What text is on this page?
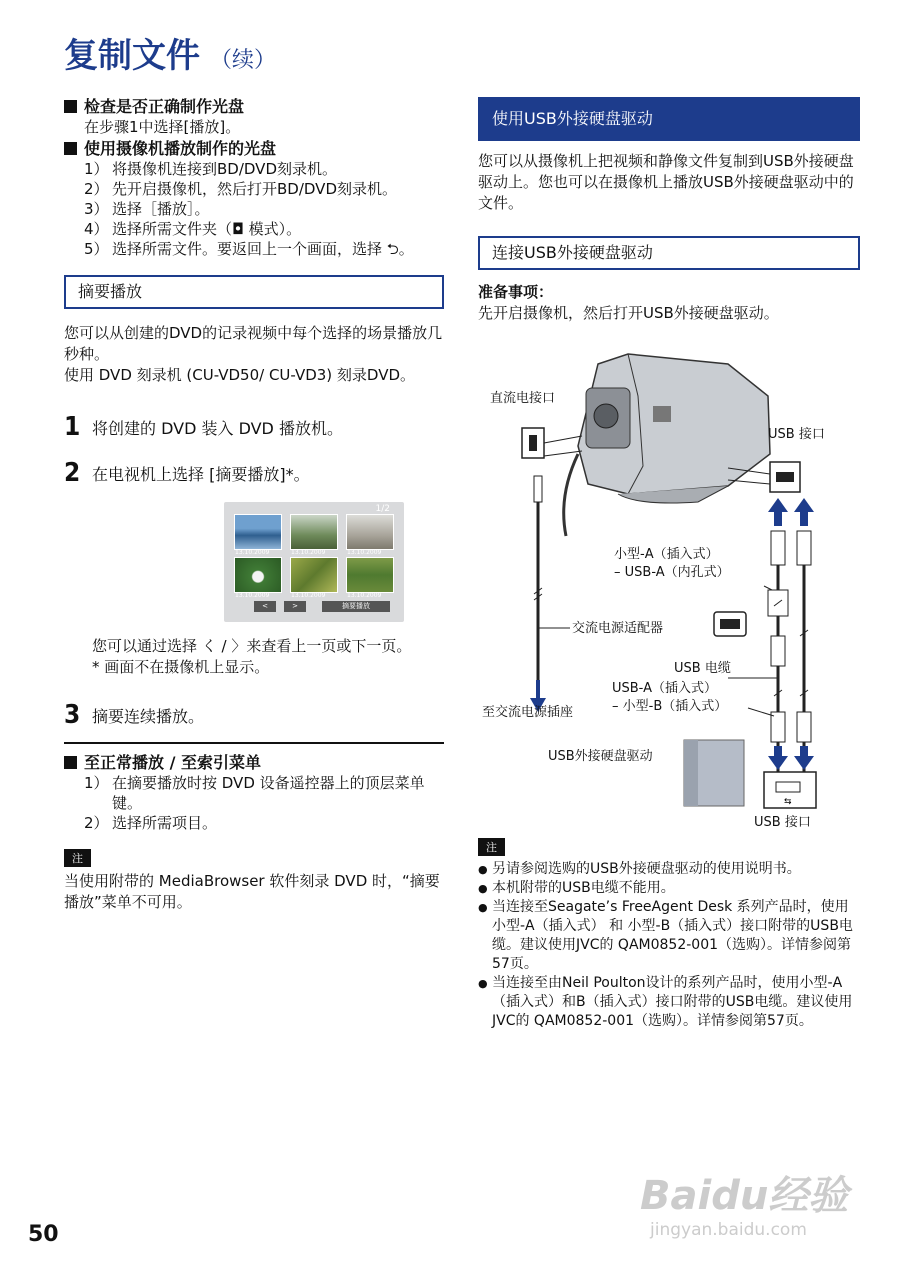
复制文件 （续）
检查是否正确制作光盘
在步骤1中选择[播放]。
使用摄像机播放制作的光盘
1） 将摄像机连接到BD/DVD刻录机。
2） 先开启摄像机，然后打开BD/DVD刻录机。
3） 选择［播放］。
4） 选择所需文件夹（◘ 模式）。
5） 选择所需文件。要返回上一个画面，选择 ⮌。
摘要播放
您可以从创建的DVD的记录视频中每个选择的场景播放几秒种。
使用 DVD 刻录机 (CU-VD50/ CU-VD3) 刻录DVD。
1 将创建的 DVD 装入 DVD 播放机。
2 在电视机上选择 [摘要播放]*。
1/2
13.10.2009	13.10.2009	13.10.2009
13.10.2009	13.10.2009	13.10.2009
<	>	摘要播放
您可以通过选择 く / 〉来查看上一页或下一页。
* 画面不在摄像机上显示。
3 摘要连续播放。
至正常播放 / 至索引菜单
1） 在摘要播放时按 DVD 设备遥控器上的顶层菜单键。
2） 选择所需项目。
注
当使用附带的 MediaBrowser 软件刻录 DVD 时，“摘要播放”菜单不可用。
使用USB外接硬盘驱动
您可以从摄像机上把视频和静像文件复制到USB外接硬盘驱动上。您也可以在摄像机上播放USB外接硬盘驱动中的文件。
连接USB外接硬盘驱动
准备事项：
先开启摄像机，然后打开USB外接硬盘驱动。
⇆
直流电接口
USB 接口
小型-A（插入式）
– USB-A（内孔式）
交流电源适配器
USB 电缆
USB-A（插入式）
– 小型-B（插入式）
至交流电源插座
USB外接硬盘驱动
USB 接口
注
● 另请参阅选购的USB外接硬盘驱动的使用说明书。
● 本机附带的USB电缆不能用。
● 当连接至Seagate’s FreeAgent Desk 系列产品时，使用小型-A（插入式） 和 小型-B（插入式）接口附带的USB电缆。建议使用JVC的 QAM0852-001（选购）。详情参阅第57页。
● 当连接至由Neil Poulton设计的系列产品时，使用小型-A（插入式）和B（插入式）接口附带的USB电缆。建议使用JVC的 QAM0852-001（选购）。详情参阅第57页。
50
Baidu经验
jingyan.baidu.com
